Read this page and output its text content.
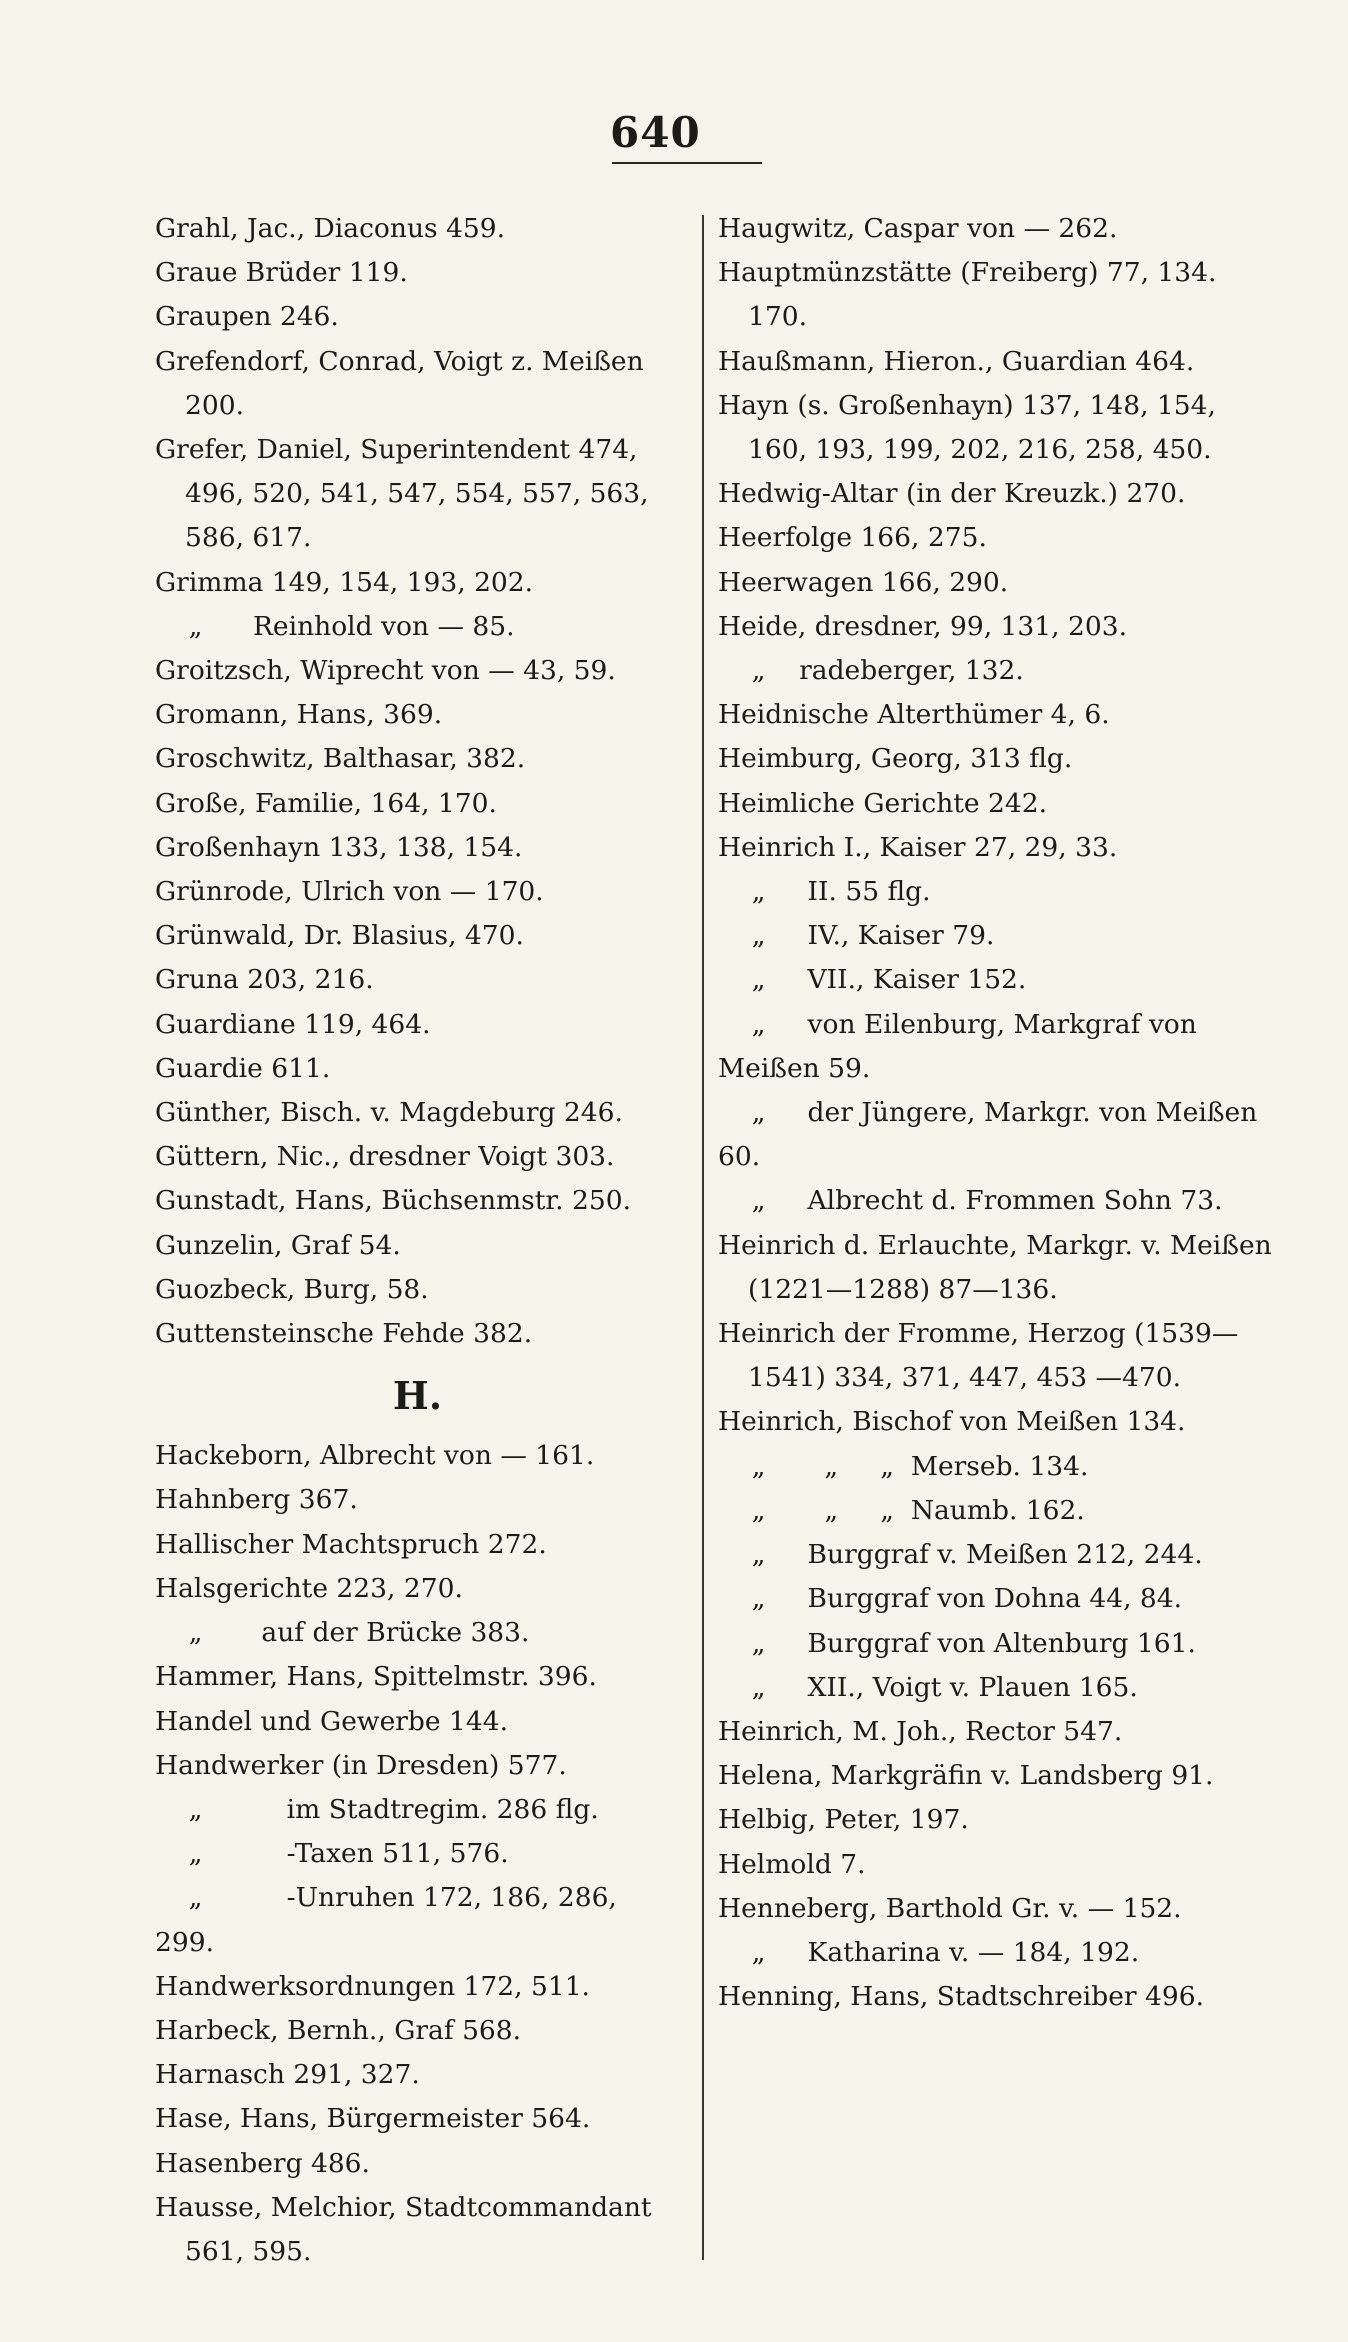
640
Grahl, Jac., Diaconus 459.
Graue Brüder 119.
Graupen 246.
Grefendorf, Conrad, Voigt z. Meißen 200.
Grefer, Daniel, Superintendent 474, 496, 520, 541, 547, 554, 557, 563, 586, 617.
Grimma 149, 154, 193, 202.
„      Reinhold von — 85.
Groitzsch, Wiprecht von — 43, 59.
Gromann, Hans, 369.
Groschwitz, Balthasar, 382.
Große, Familie, 164, 170.
Großenhayn 133, 138, 154.
Grünrode, Ulrich von — 170.
Grünwald, Dr. Blasius, 470.
Gruna 203, 216.
Guardiane 119, 464.
Guardie 611.
Günther, Bisch. v. Magdeburg 246.
Güttern, Nic., dresdner Voigt 303.
Gunstadt, Hans, Büchsenmstr. 250.
Gunzelin, Graf 54.
Guozbeck, Burg, 58.
Guttensteinsche Fehde 382.
H.
Hackeborn, Albrecht von — 161.
Hahnberg 367.
Hallischer Machtspruch 272.
Halsgerichte 223, 270.
„       auf der Brücke 383.
Hammer, Hans, Spittelmstr. 396.
Handel und Gewerbe 144.
Handwerker (in Dresden) 577.
„          im Stadtregim. 286 flg.
„          -Taxen 511, 576.
„          -Unruhen 172, 186, 286, 299.
Handwerksordnungen 172, 511.
Harbeck, Bernh., Graf 568.
Harnasch 291, 327.
Hase, Hans, Bürgermeister 564.
Hasenberg 486.
Hausse, Melchior, Stadtcommandant 561, 595.
Haugwitz, Caspar von — 262.
Hauptmünzstätte (Freiberg) 77, 134. 170.
Haußmann, Hieron., Guardian 464.
Hayn (s. Großenhayn) 137, 148, 154, 160, 193, 199, 202, 216, 258, 450.
Hedwig-Altar (in der Kreuzk.) 270.
Heerfolge 166, 275.
Heerwagen 166, 290.
Heide, dresdner, 99, 131, 203.
„    radeberger, 132.
Heidnische Alterthümer 4, 6.
Heimburg, Georg, 313 flg.
Heimliche Gerichte 242.
Heinrich I., Kaiser 27, 29, 33.
„     II. 55 flg.
„     IV., Kaiser 79.
„     VII., Kaiser 152.
„     von Eilenburg, Markgraf von Meißen 59.
„     der Jüngere, Markgr. von Meißen 60.
„     Albrecht d. Frommen Sohn 73.
Heinrich d. Erlauchte, Markgr. v. Meißen (1221—1288) 87—136.
Heinrich der Fromme, Herzog (1539—1541) 334, 371, 447, 453 —470.
Heinrich, Bischof von Meißen 134.
„       „     „  Merseb. 134.
„       „     „  Naumb. 162.
„     Burggraf v. Meißen 212, 244.
„     Burggraf von Dohna 44, 84.
„     Burggraf von Altenburg 161.
„     XII., Voigt v. Plauen 165.
Heinrich, M. Joh., Rector 547.
Helena, Markgräfin v. Landsberg 91.
Helbig, Peter, 197.
Helmold 7.
Henneberg, Barthold Gr. v. — 152.
„     Katharina v. — 184, 192.
Henning, Hans, Stadtschreiber 496.
